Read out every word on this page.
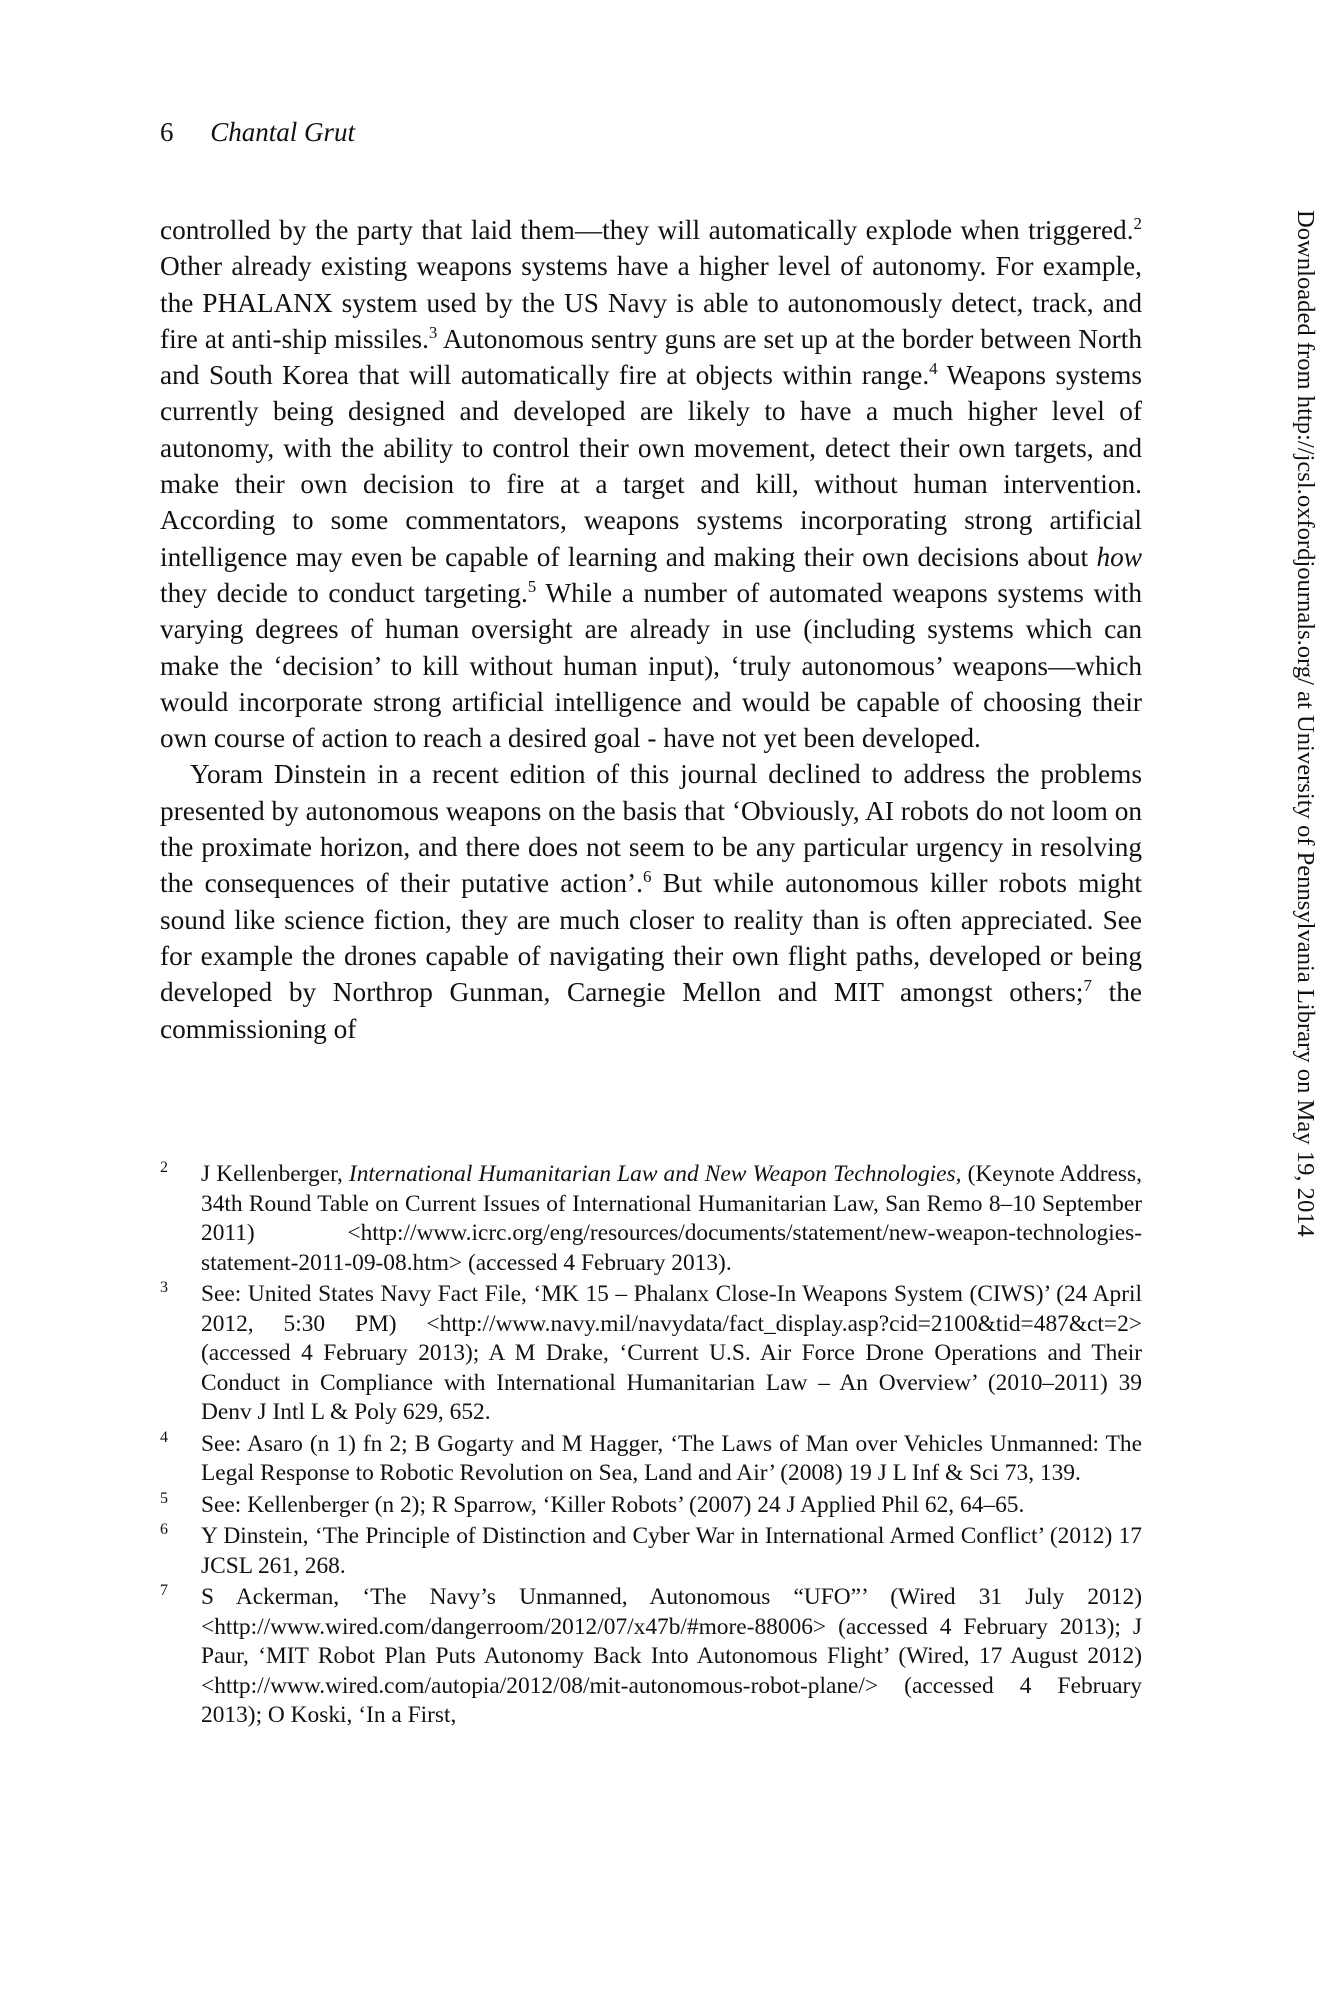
6 Chantal Grut

controlled by the party that laid them—they will automatically explode when triggered.$^2$ Other already existing weapons systems have a higher level of autonomy. For example, the PHALANX system used by the US Navy is able to autonomously detect, track, and fire at anti-ship missiles.$^3$ Autonomous sentry guns are set up at the border between North and South Korea that will automatically fire at objects within range.$^4$ Weapons systems currently being designed and developed are likely to have a much higher level of autonomy, with the ability to control their own movement, detect their own targets, and make their own decision to fire at a target and kill, without human intervention. According to some commentators, weapons systems incorporating strong artificial intelligence may even be capable of learning and making their own decisions about how they decide to conduct targeting.$^5$ While a number of automated weapons systems with varying degrees of human oversight are already in use (including systems which can make the ‘decision’ to kill without human input), ‘truly autonomous’ weapons—which would incorporate strong artificial intelligence and would be capable of choosing their own course of action to reach a desired goal - have not yet been developed.

Yoram Dinstein in a recent edition of this journal declined to address the problems presented by autonomous weapons on the basis that ‘Obviously, AI robots do not loom on the proximate horizon, and there does not seem to be any particular urgency in resolving the consequences of their putative action’.$^6$ But while autonomous killer robots might sound like science fiction, they are much closer to reality than is often appreciated. See for example the drones capable of navigating their own flight paths, developed or being developed by Northrop Gunman, Carnegie Mellon and MIT amongst others;$^7$ the commissioning of

2 J Kellenberger, International Humanitarian Law and New Weapon Technologies, (Keynote Address, 34th Round Table on Current Issues of International Humanitarian Law, San Remo 8–10 September 2011) <http://www.icrc.org/eng/resources/documents/statement/new-weapon-technologies-statement-2011-09-08.htm> (accessed 4 February 2013).
3 See: United States Navy Fact File, ‘MK 15 – Phalanx Close-In Weapons System (CIWS)’ (24 April 2012, 5:30 PM) <http://www.navy.mil/navydata/fact_display.asp?cid=2100&tid=487&ct=2> (accessed 4 February 2013); A M Drake, ‘Current U.S. Air Force Drone Operations and Their Conduct in Compliance with International Humanitarian Law – An Overview’ (2010–2011) 39 Denv J Intl L & Poly 629, 652.
4 See: Asaro (n 1) fn 2; B Gogarty and M Hagger, ‘The Laws of Man over Vehicles Unmanned: The Legal Response to Robotic Revolution on Sea, Land and Air’ (2008) 19 J L Inf & Sci 73, 139.
5 See: Kellenberger (n 2); R Sparrow, ‘Killer Robots’ (2007) 24 J Applied Phil 62, 64–65.
6 Y Dinstein, ‘The Principle of Distinction and Cyber War in International Armed Conflict’ (2012) 17 JCSL 261, 268.
7 S Ackerman, ‘The Navy’s Unmanned, Autonomous “UFO”’ (Wired 31 July 2012) <http://www.wired.com/dangerroom/2012/07/x47b/#more-88006> (accessed 4 February 2013); J Paur, ‘MIT Robot Plan Puts Autonomy Back Into Autonomous Flight’ (Wired, 17 August 2012) <http://www.wired.com/autopia/2012/08/mit-autonomous-robot-plane/> (accessed 4 February 2013); O Koski, ‘In a First,
Downloaded from http://jcsl.oxfordjournals.org/ at University of Pennsylvania Library on May 19, 2014
